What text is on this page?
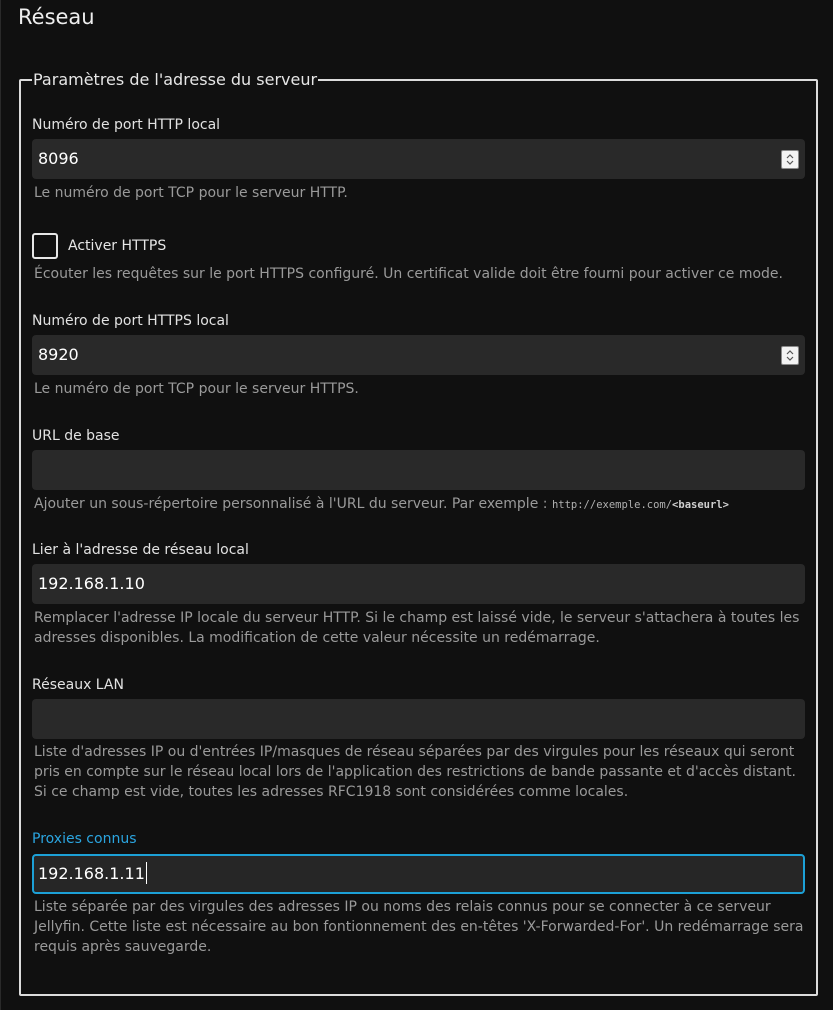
Réseau
Paramètres de l'adresse du serveur
Numéro de port HTTP local
8096
Le numéro de port TCP pour le serveur HTTP.
Activer HTTPS
Écouter les requêtes sur le port HTTPS configuré. Un certificat valide doit être fourni pour activer ce mode.
Numéro de port HTTPS local
8920
Le numéro de port TCP pour le serveur HTTPS.
URL de base
Ajouter un sous-répertoire personnalisé à l'URL du serveur. Par exemple : http://exemple.com/<baseurl>
Lier à l'adresse de réseau local
192.168.1.10
Remplacer l'adresse IP locale du serveur HTTP. Si le champ est laissé vide, le serveur s'attachera à toutes les adresses disponibles. La modification de cette valeur nécessite un redémarrage.
Réseaux LAN
Liste d'adresses IP ou d'entrées IP/masques de réseau séparées par des virgules pour les réseaux qui seront pris en compte sur le réseau local lors de l'application des restrictions de bande passante et d'accès distant. Si ce champ est vide, toutes les adresses RFC1918 sont considérées comme locales.
Proxies connus
192.168.1.11
Liste séparée par des virgules des adresses IP ou noms des relais connus pour se connecter à ce serveur Jellyfin. Cette liste est nécessaire au bon fontionnement des en-têtes 'X-Forwarded-For'. Un redémarrage sera requis après sauvegarde.
